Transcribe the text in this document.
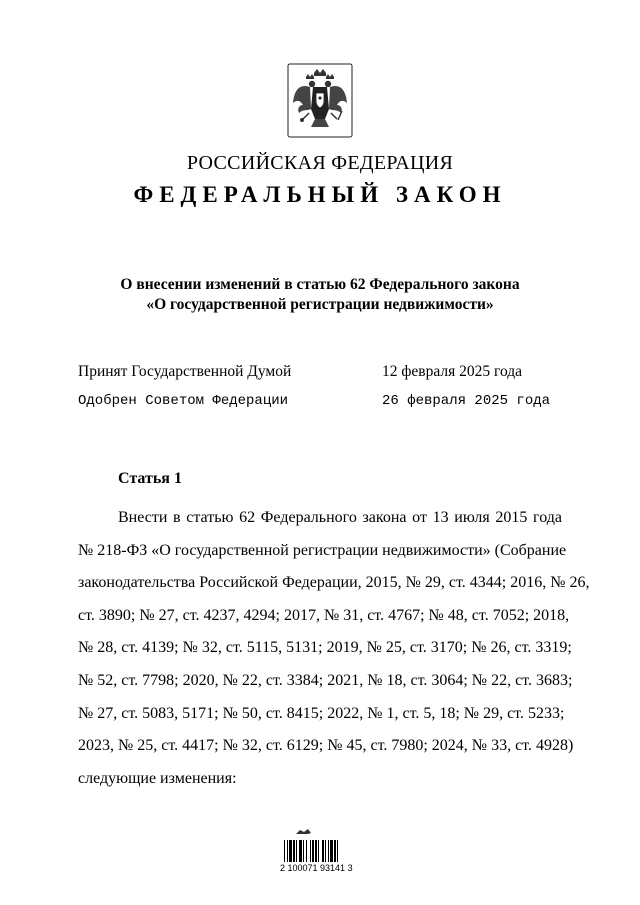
РОССИЙСКАЯ ФЕДЕРАЦИЯ
ФЕДЕРАЛЬНЫЙ ЗАКОН
О внесении изменений в статью 62 Федерального закона
«О государственной регистрации недвижимости»
Принят Государственной Думой	12 февраля 2025 года
Одобрен Советом Федерации	26 февраля 2025 года
Статья 1
Внести в статью 62 Федерального закона от 13 июля 2015 года
№ 218-ФЗ «О государственной регистрации недвижимости» (Собрание
законодательства Российской Федерации, 2015, № 29, ст. 4344; 2016, № 26,
ст. 3890; № 27, ст. 4237, 4294; 2017, № 31, ст. 4767; № 48, ст. 7052; 2018,
№ 28, ст. 4139; № 32, ст. 5115, 5131; 2019, № 25, ст. 3170; № 26, ст. 3319;
№ 52, ст. 7798; 2020, № 22, ст. 3384; 2021, № 18, ст. 3064; № 22, ст. 3683;
№ 27, ст. 5083, 5171; № 50, ст. 8415; 2022, № 1, ст. 5, 18; № 29, ст. 5233;
2023, № 25, ст. 4417; № 32, ст. 6129; № 45, ст. 7980; 2024, № 33, ст. 4928)
следующие изменения:
2 100071 93141 3
